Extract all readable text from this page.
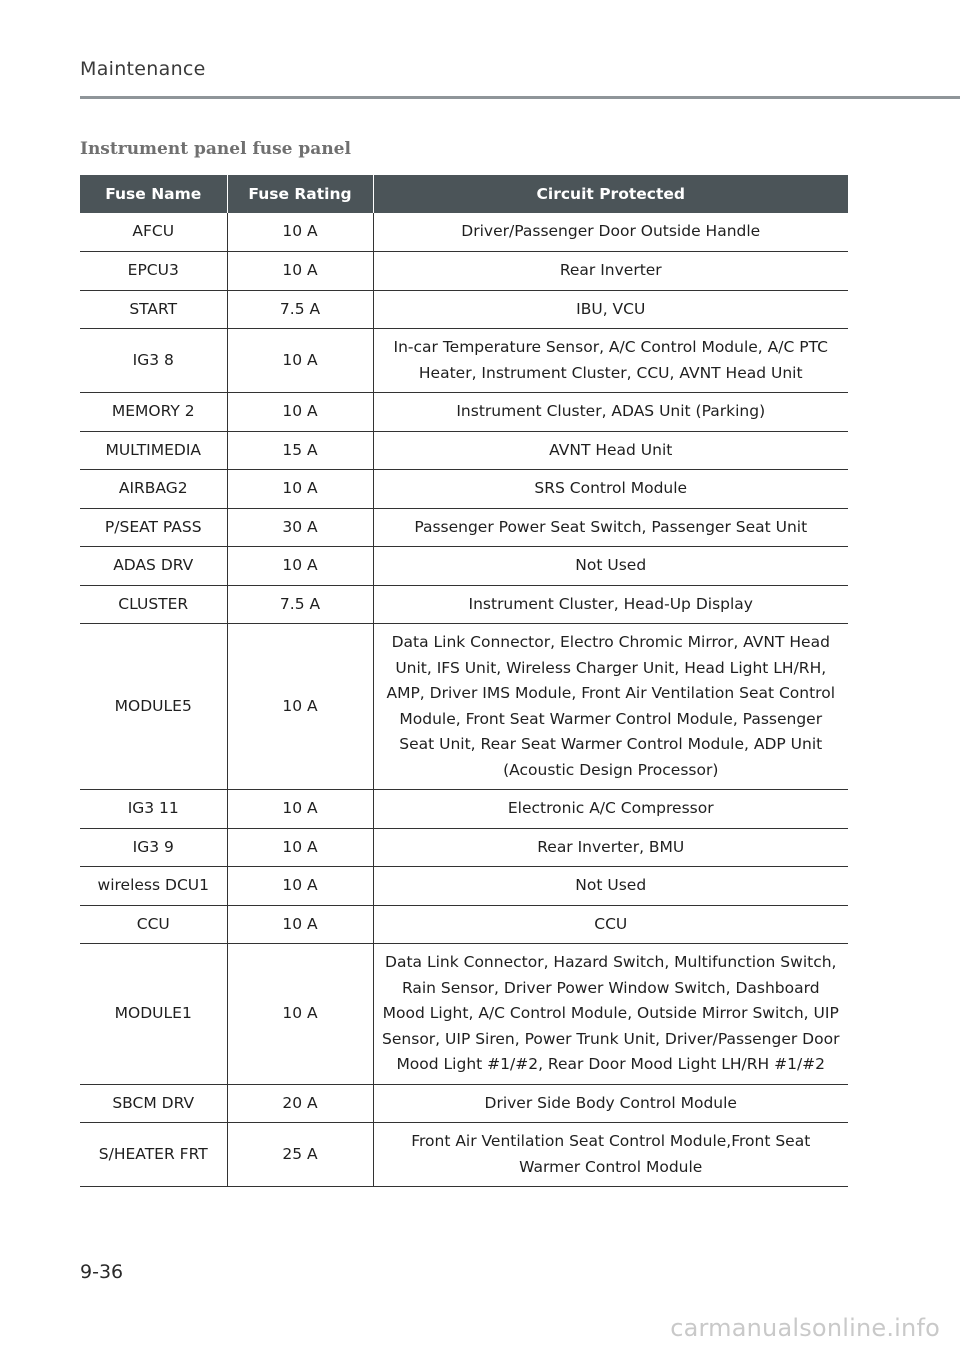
Maintenance
Instrument panel fuse panel
Fuse Name	Fuse Rating	Circuit Protected
AFCU	10 A	Driver/Passenger Door Outside Handle
EPCU3	10 A	Rear Inverter
START	7.5 A	IBU, VCU
IG3 8	10 A	In-car Temperature Sensor, A/C Control Module, A/C PTC Heater, Instrument Cluster, CCU, AVNT Head Unit
MEMORY 2	10 A	Instrument Cluster, ADAS Unit (Parking)
MULTIMEDIA	15 A	AVNT Head Unit
AIRBAG2	10 A	SRS Control Module
P/SEAT PASS	30 A	Passenger Power Seat Switch, Passenger Seat Unit
ADAS DRV	10 A	Not Used
CLUSTER	7.5 A	Instrument Cluster, Head-Up Display
MODULE5	10 A	Data Link Connector, Electro Chromic Mirror, AVNT Head Unit, IFS Unit, Wireless Charger Unit, Head Light LH/RH, AMP, Driver IMS Module, Front Air Ventilation Seat Control Module, Front Seat Warmer Control Module, Passenger Seat Unit, Rear Seat Warmer Control Module, ADP Unit (Acoustic Design Processor)
IG3 11	10 A	Electronic A/C Compressor
IG3 9	10 A	Rear Inverter, BMU
wireless DCU1	10 A	Not Used
CCU	10 A	CCU
MODULE1	10 A	Data Link Connector, Hazard Switch, Multifunction Switch, Rain Sensor, Driver Power Window Switch, Dashboard Mood Light, A/C Control Module, Outside Mirror Switch, UIP Sensor, UIP Siren, Power Trunk Unit, Driver/Passenger Door Mood Light #1/#2, Rear Door Mood Light LH/RH #1/#2
SBCM DRV	20 A	Driver Side Body Control Module
S/HEATER FRT	25 A	Front Air Ventilation Seat Control Module,Front Seat Warmer Control Module
9-36
carmanualsonline.info
